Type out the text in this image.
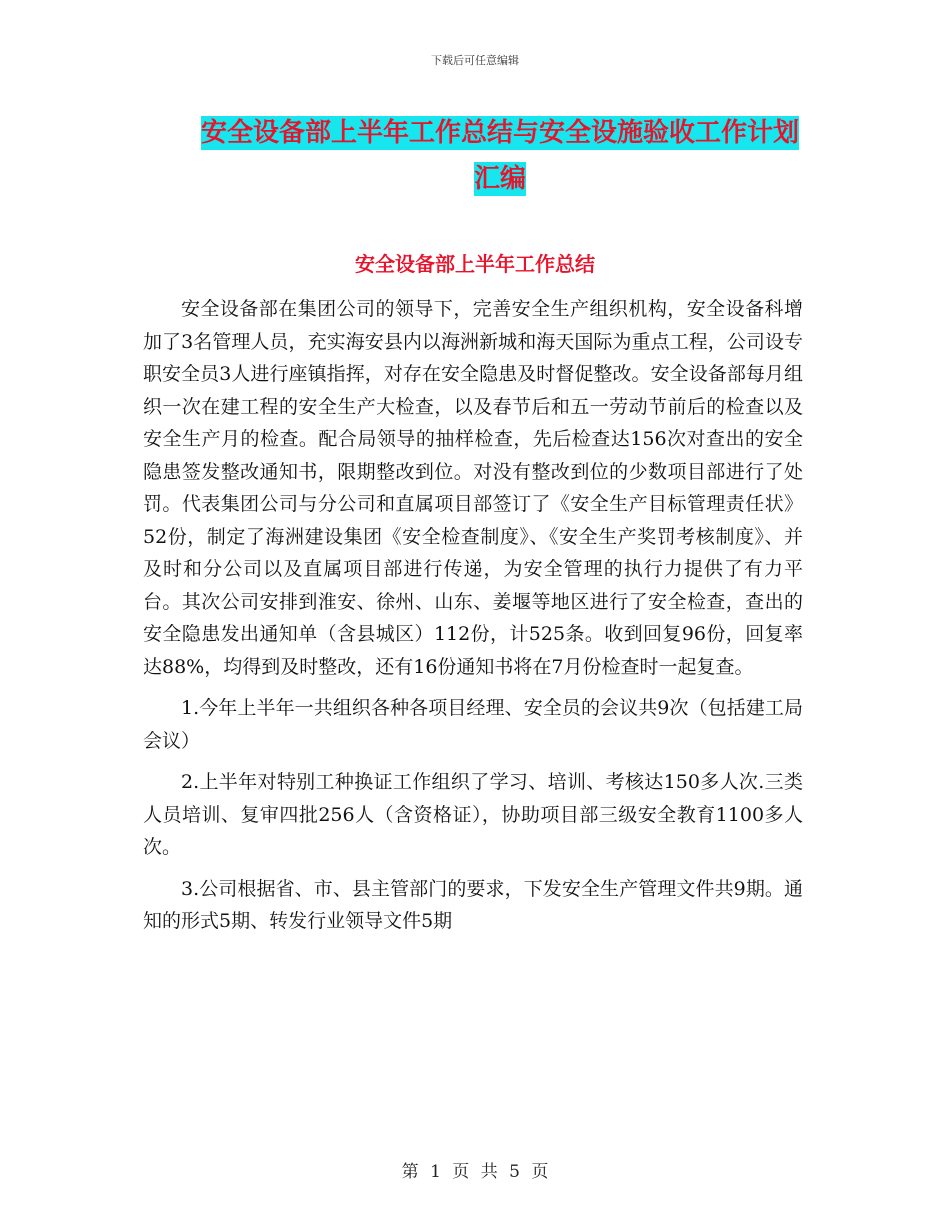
下载后可任意编辑
安全设备部上半年工作总结与安全设施验收工作计划
汇编
安全设备部上半年工作总结

安全设备部在集团公司的领导下，完善安全生产组织机构，安全设备科增加了3名管理人员，充实海安县内以海洲新城和海天国际为重点工程，公司设专职安全员3人进行座镇指挥，对存在安全隐患及时督促整改。安全设备部每月组织一次在建工程的安全生产大检查，以及春节后和五一劳动节前后的检查以及安全生产月的检查。配合局领导的抽样检查，先后检查达156次对查出的安全隐患签发整改通知书，限期整改到位。对没有整改到位的少数项目部进行了处罚。代表集团公司与分公司和直属项目部签订了《安全生产目标管理责任状》52份，制定了海洲建设集团《安全检查制度》、《安全生产奖罚考核制度》、并及时和分公司以及直属项目部进行传递，为安全管理的执行力提供了有力平台。其次公司安排到淮安、徐州、山东、姜堰等地区进行了安全检查，查出的安全隐患发出通知单（含县城区）112份，计525条。收到回复96份，回复率达88%，均得到及时整改，还有16份通知书将在7月份检查时一起复查。

1.今年上半年一共组织各种各项目经理、安全员的会议共9次（包括建工局会议）

2.上半年对特别工种换证工作组织了学习、培训、考核达150多人次.三类人员培训、复审四批256人（含资格证），协助项目部三级安全教育1100多人次。

3.公司根据省、市、县主管部门的要求，下发安全生产管理文件共9期。通知的形式5期、转发行业领导文件5期

第 1 页 共 5 页
